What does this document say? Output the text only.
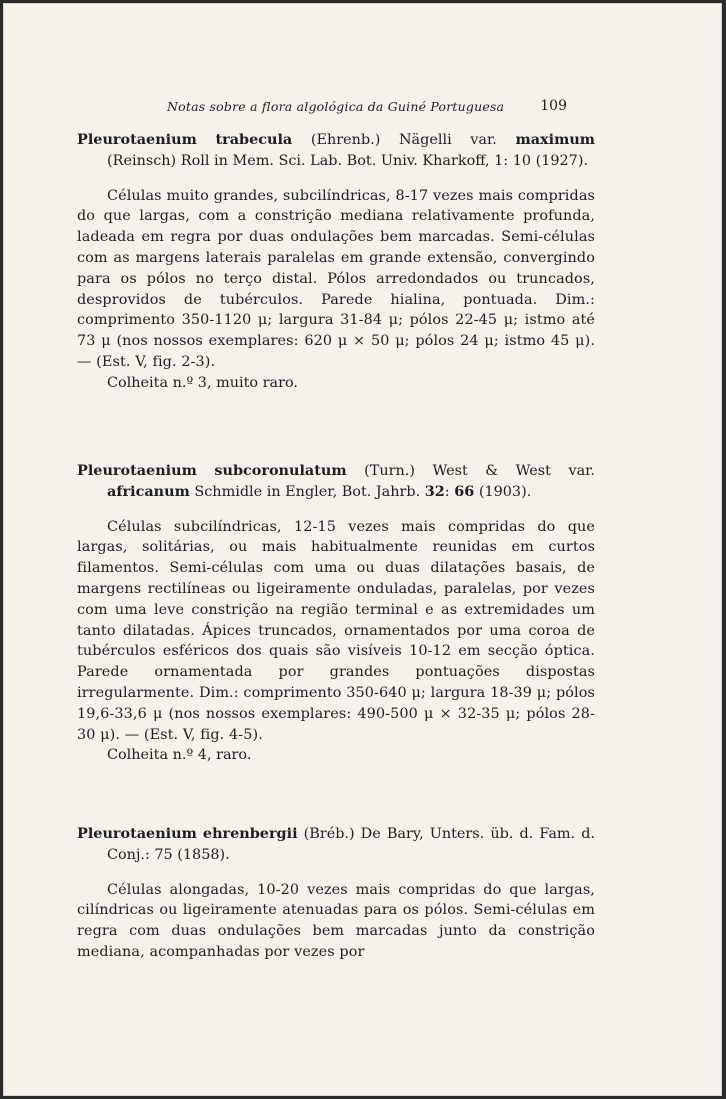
Notas sobre a flora algológica da Guiné Portuguesa	109
Pleurotaenium trabecula (Ehrenb.) Nägelli var. maximum (Reinsch) Roll in Mem. Sci. Lab. Bot. Univ. Kharkoff, 1: 10 (1927).

Células muito grandes, subcilíndricas, 8-17 vezes mais compridas do que largas, com a constrição mediana relativamente profunda, ladeada em regra por duas ondulações bem marcadas. Semi-células com as margens laterais paralelas em grande extensão, convergindo para os pólos no terço distal. Pólos arredondados ou truncados, desprovidos de tubérculos. Parede hialina, pontuada. Dim.: comprimento 350-1120 μ; largura 31-84 μ; pólos 22-45 μ; istmo até 73 μ (nos nossos exemplares: 620 μ × 50 μ; pólos 24 μ; istmo 45 μ). — (Est. V, fig. 2-3).

Colheita n.º 3, muito raro.
Pleurotaenium subcoronulatum (Turn.) West & West var. africanum Schmidle in Engler, Bot. Jahrb. 32: 66 (1903).

Células subcilíndricas, 12-15 vezes mais compridas do que largas, solitárias, ou mais habitualmente reunidas em curtos filamentos. Semi-células com uma ou duas dilatações basais, de margens rectilíneas ou ligeiramente onduladas, paralelas, por vezes com uma leve constrição na região terminal e as extremidades um tanto dilatadas. Ápices truncados, ornamentados por uma coroa de tubérculos esféricos dos quais são visíveis 10-12 em secção óptica. Parede ornamentada por grandes pontuações dispostas irregularmente. Dim.: comprimento 350-640 μ; largura 18-39 μ; pólos 19,6-33,6 μ (nos nossos exemplares: 490-500 μ × 32-35 μ; pólos 28-30 μ). — (Est. V, fig. 4-5).

Colheita n.º 4, raro.
Pleurotaenium ehrenbergii (Bréb.) De Bary, Unters. üb. d. Fam. d. Conj.: 75 (1858).

Células alongadas, 10-20 vezes mais compridas do que largas, cilíndricas ou ligeiramente atenuadas para os pólos. Semi-células em regra com duas ondulações bem marcadas junto da constrição mediana, acompanhadas por vezes por
